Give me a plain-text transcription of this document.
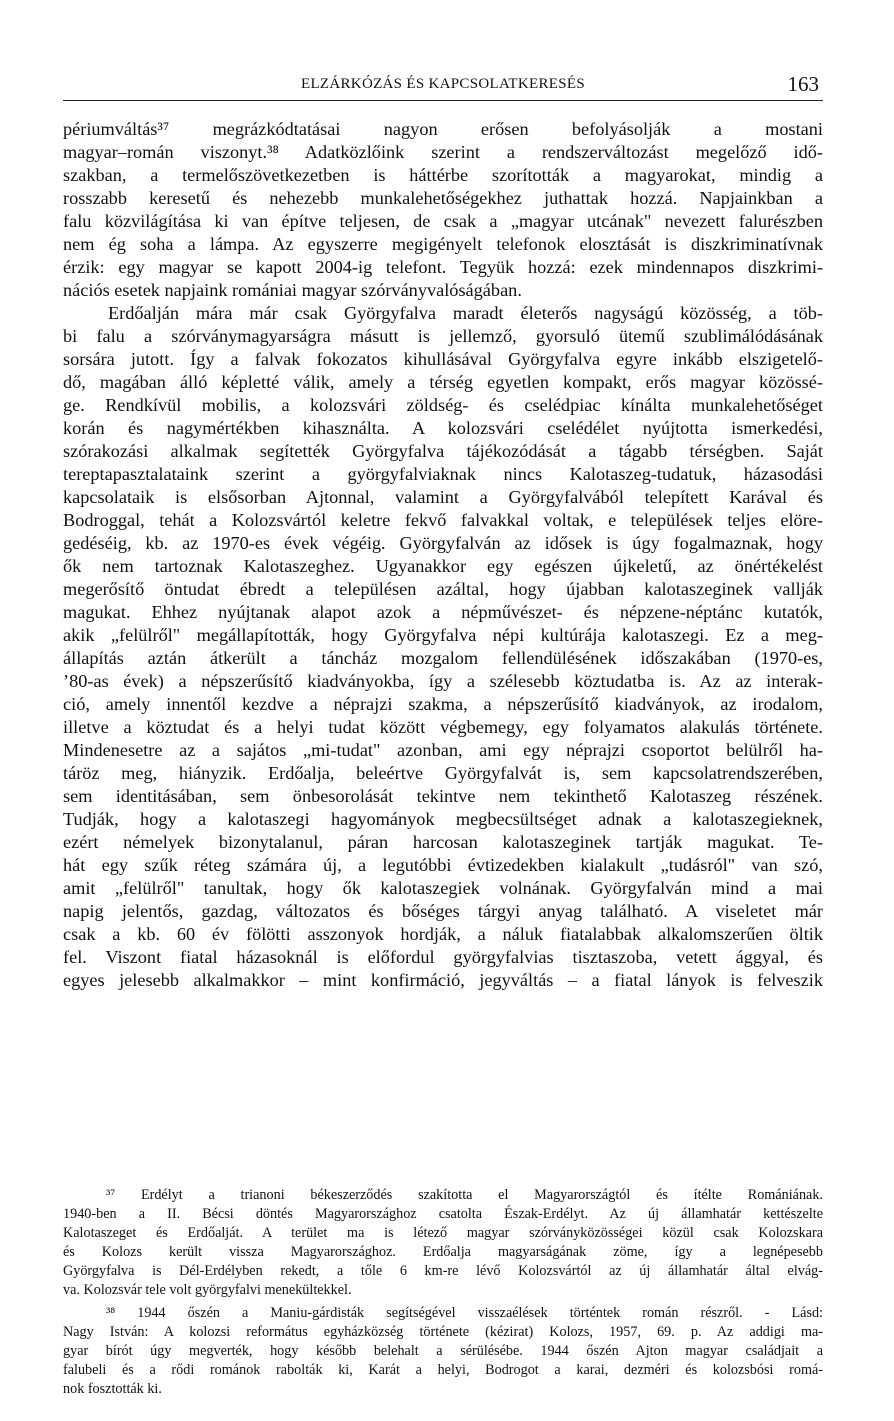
ELZÁRKÓZÁS ÉS KAPCSOLATKERESÉS	163
périumváltás³⁷ megrázkódtatásai nagyon erősen befolyásolják a mostani
magyar–román viszonyt.³⁸ Adatközlőink szerint a rendszerváltozást megelőző idő-
szakban, a termelőszövetkezetben is háttérbe szorították a magyarokat, mindig a
rosszabb keresetű és nehezebb munkalehetőségekhez juthattak hozzá. Napjainkban a
falu közvilágítása ki van építve teljesen, de csak a „magyar utcának" nevezett falurészben
nem ég soha a lámpa. Az egyszerre megigényelt telefonok elosztását is diszkriminatívnak
érzik: egy magyar se kapott 2004-ig telefont. Tegyük hozzá: ezek mindennapos diszkrimi-
nációs esetek napjaink romániai magyar szórványvalóságában.
Erdőalján mára már csak Györgyfalva maradt életerős nagyságú közösség, a töb-
bi falu a szórványmagyarságra másutt is jellemző, gyorsuló ütemű szublimálódásának
sorsára jutott. Így a falvak fokozatos kihullásával Györgyfalva egyre inkább elszigetelő-
dő, magában álló képletté válik, amely a térség egyetlen kompakt, erős magyar közössé-
ge. Rendkívül mobilis, a kolozsvári zöldség- és cselédpiac kínálta munkalehetőséget
korán és nagymértékben kihasználta. A kolozsvári cselédélet nyújtotta ismerkedési,
szórakozási alkalmak segítették Györgyfalva tájékozódását a tágabb térségben. Saját
tereptapasztalataink szerint a györgyfalviaknak nincs Kalotaszeg-tudatuk, házasodási
kapcsolataik is elsősorban Ajtonnal, valamint a Györgyfalvából telepített Karával és
Bodroggal, tehát a Kolozsvártól keletre fekvő falvakkal voltak, e települések teljes elöre-
gedéséig, kb. az 1970-es évek végéig. Györgyfalván az idősek is úgy fogalmaznak, hogy
ők nem tartoznak Kalotaszeghez. Ugyanakkor egy egészen újkeletű, az önértékelést
megerősítő öntudat ébredt a településen azáltal, hogy újabban kalotaszeginek vallják
magukat. Ehhez nyújtanak alapot azok a népművészet- és népzene-néptánc kutatók,
akik „felülről" megállapították, hogy Györgyfalva népi kultúrája kalotaszegi. Ez a meg-
állapítás aztán átkerült a táncház mozgalom fellendülésének időszakában (1970-es,
’80-as évek) a népszerűsítő kiadványokba, így a szélesebb köztudatba is. Az az interak-
ció, amely innentől kezdve a néprajzi szakma, a népszerűsítő kiadványok, az irodalom,
illetve a köztudat és a helyi tudat között végbemegy, egy folyamatos alakulás története.
Mindenesetre az a sajátos „mi-tudat" azonban, ami egy néprajzi csoportot belülről ha-
táröz meg, hiányzik. Erdőalja, beleértve Györgyfalvát is, sem kapcsolatrendszerében,
sem identitásában, sem önbesorolását tekintve nem tekinthető Kalotaszeg részének.
Tudják, hogy a kalotaszegi hagyományok megbecsültséget adnak a kalotaszegieknek,
ezért némelyek bizonytalanul, páran harcosan kalotaszeginek tartják magukat. Te-
hát egy szűk réteg számára új, a legutóbbi évtizedekben kialakult „tudásról" van szó,
amit „felülről" tanultak, hogy ők kalotaszegiek volnának. Györgyfalván mind a mai
napig jelentős, gazdag, változatos és bőséges tárgyi anyag található. A viseletet már
csak a kb. 60 év fölötti asszonyok hordják, a náluk fiatalabbak alkalomszerűen öltik
fel. Viszont fiatal házasoknál is előfordul györgyfalvias tisztaszoba, vetett ággyal, és
egyes jelesebb alkalmakkor – mint konfirmáció, jegyváltás – a fiatal lányok is felveszik
³⁷ Erdélyt a trianoni békeszerződés szakította el Magyarországtól és ítélte Romániának.
1940-ben a II. Bécsi döntés Magyarországhoz csatolta Észak-Erdélyt. Az új államhatár kettészelte
Kalotaszeget és Erdőalját. A terület ma is létező magyar szórványközösségei közül csak Kolozskara
és Kolozs került vissza Magyarországhoz. Erdőalja magyarságának zöme, így a legnépesebb
Györgyfalva is Dél-Erdélyben rekedt, a tőle 6 km-re lévő Kolozsvártól az új államhatár által elvág-
va. Kolozsvár tele volt györgyfalvi menekültekkel.
³⁸ 1944 őszén a Maniu-gárdisták segítségével visszaélések történtek román részről. - Lásd:
Nagy István: A kolozsi református egyházközség története (kézirat) Kolozs, 1957, 69. p. Az addigi ma-
gyar bírót úgy megverték, hogy később belehalt a sérülésébe. 1944 őszén Ajton magyar családjait a
falubeli és a rődi románok rabolták ki, Karát a helyi, Bodrogot a karai, dezméri és kolozsbósi romá-
nok fosztották ki.
